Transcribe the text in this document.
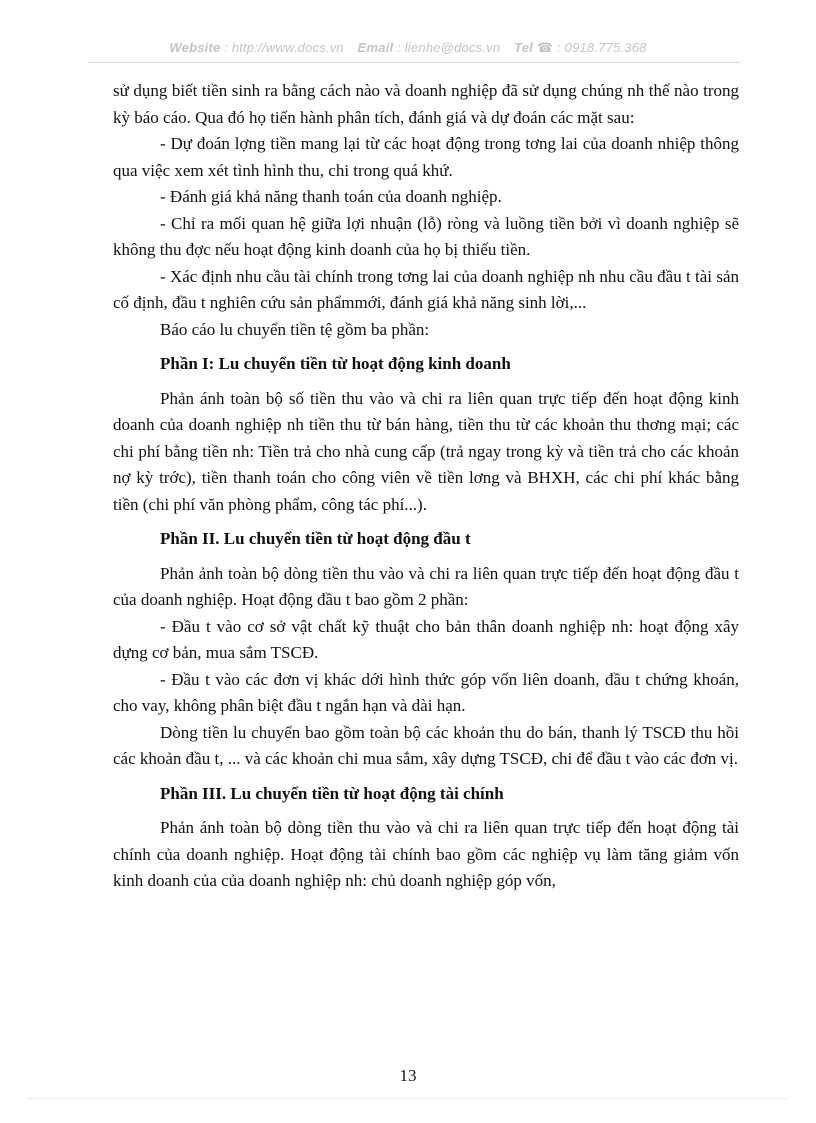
Website : http://www.docs.vn Email : lienhe@docs.vn Tel ☎ : 0918.775.368

sử dụng biết tiền sinh ra bằng cách nào và doanh nghiệp đã sử dụng chúng nh thế nào trong kỳ báo cáo. Qua đó họ tiến hành phân tích, đánh giá và dự đoán các mặt sau:

- Dự đoán lợng tiền mang lại từ các hoạt động trong tơng lai của doanh nhiệp thông qua việc xem xét tình hình thu, chi trong quá khứ.

- Đánh giá khả năng thanh toán của doanh nghiệp.

- Chỉ ra mối quan hệ giữa lợi nhuận (lỗ) ròng và luồng tiền bởi vì doanh nghiệp sẽ không thu đợc nếu hoạt động kinh doanh của họ bị thiếu tiền.

- Xác định nhu cầu tài chính trong tơng lai của doanh nghiệp nh nhu cầu đầu t tài sản cố định, đầu t nghiên cứu sản phẩmmới, đánh giá khả năng sinh lời,...

Báo cáo lu chuyển tiền tệ gồm ba phần:

Phần I: Lu chuyển tiền từ hoạt động kinh doanh

Phản ánh toàn bộ số tiền thu vào và chi ra liên quan trực tiếp đến hoạt động kinh doanh của doanh nghiệp nh tiền thu từ bán hàng, tiền thu từ các khoản thu thơng mại; các chi phí bằng tiền nh: Tiền trả cho nhà cung cấp (trả ngay trong kỳ và tiền trả cho các khoản nợ kỳ trớc), tiền thanh toán cho công viên về tiền lơng và BHXH, các chi phí khác bằng tiền (chi phí văn phòng phẩm, công tác phí...).

Phần II. Lu chuyển tiền từ hoạt động đầu t

Phản ảnh toàn bộ dòng tiền thu vào và chi ra liên quan trực tiếp đến hoạt động đầu t của doanh nghiệp. Hoạt động đầu t bao gồm 2 phần:

- Đầu t vào cơ sở vật chất kỹ thuật cho bản thân doanh nghiệp nh: hoạt động xây dựng cơ bản, mua sắm TSCĐ.

- Đầu t vào các đơn vị khác dới hình thức góp vốn liên doanh, đầu t chứng khoán, cho vay, không phân biệt đầu t ngắn hạn và dài hạn.

Dòng tiền lu chuyển bao gồm toàn bộ các khoản thu do bán, thanh lý TSCĐ thu hồi các khoản đầu t, ... và các khoản chi mua sắm, xây dựng TSCĐ, chi để đầu t vào các đơn vị.

Phần III. Lu chuyển tiền từ hoạt động tài chính

Phản ánh toàn bộ dòng tiền thu vào và chi ra liên quan trực tiếp đến hoạt động tài chính của doanh nghiệp. Hoạt động tài chính bao gồm các nghiệp vụ làm tăng giảm vốn kinh doanh của của doanh nghiệp nh: chủ doanh nghiệp góp vốn,

13
